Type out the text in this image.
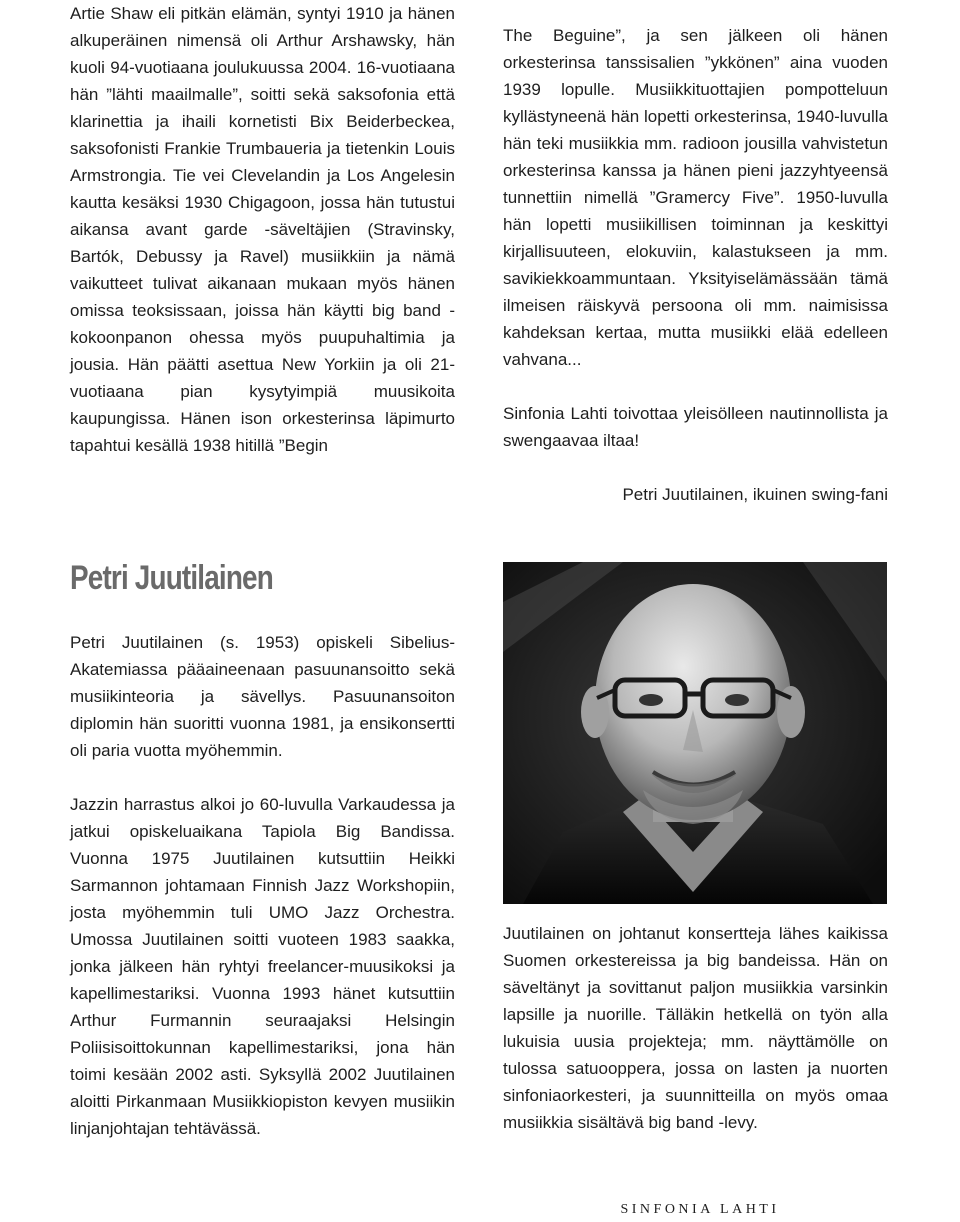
Artie Shaw eli pitkän elämän, syntyi 1910 ja hänen alkuperäinen nimensä oli Arthur Arshawsky, hän kuoli 94-vuotiaana joulukuussa 2004. 16-vuotiaana hän ”lähti maailmalle”, soitti sekä saksofonia että klarinettia ja ihaili kornetisti Bix Beiderbeckea, saksofonisti Frankie Trumbaueria ja tietenkin Louis Armstrongia. Tie vei Clevelandin ja Los Angelesin kautta kesäksi 1930 Chigagoon, jossa hän tutustui aikansa avant garde -säveltäjien (Stravinsky, Bartók, Debussy ja Ravel) musiikkiin ja nämä vaikutteet tulivat aikanaan mukaan myös hänen omissa teoksissaan, joissa hän käytti big band -kokoonpanon ohessa myös puupuhaltimia ja jousia. Hän päätti asettua New Yorkiin ja oli 21-vuotiaana pian kysytyimpiä muusikoita kaupungissa. Hänen ison orkesterinsa läpimurto tapahtui kesällä 1938 hitillä ”Begin

The Beguine”, ja sen jälkeen oli hänen orkesterinsa tanssisalien ”ykkönen” aina vuoden 1939 lopulle. Musiikkituottajien pompotteluun kyllästyneenä hän lopetti orkesterinsa, 1940-luvulla hän teki musiikkia mm. radioon jousilla vahvistetun orkesterinsa kanssa ja hänen pieni jazzyhtyeensä tunnettiin nimellä ”Gramercy Five”. 1950-luvulla hän lopetti musiikillisen toiminnan ja keskittyi kirjallisuuteen, elokuviin, kalastukseen ja mm. savikiekkoammuntaan. Yksityiselämässään tämä ilmeisen räiskyvä persoona oli mm. naimisissa kahdeksan kertaa, mutta musiikki elää edelleen vahvana...

Sinfonia Lahti toivottaa yleisölleen nautinnollista ja swengaavaa iltaa!

Petri Juutilainen, ikuinen swing-fani

Petri Juutilainen

Petri Juutilainen (s. 1953) opiskeli Sibelius-Akatemiassa pääaineenaan pasuunansoitto sekä musiikinteoria ja sävellys. Pasuunansoiton diplomin hän suoritti vuonna 1981, ja ensikonsertti oli paria vuotta myöhemmin.

Jazzin harrastus alkoi jo 60-luvulla Varkaudessa ja jatkui opiskeluaikana Tapiola Big Bandissa. Vuonna 1975 Juutilainen kutsuttiin Heikki Sarmannon johtamaan Finnish Jazz Workshopiin, josta myöhemmin tuli UMO Jazz Orchestra. Umossa Juutilainen soitti vuoteen 1983 saakka, jonka jälkeen hän ryhtyi freelancer-muusikoksi ja kapellimestariksi. Vuonna 1993 hänet kutsuttiin Arthur Furmannin seuraajaksi Helsingin Poliisisoittokunnan kapellimestariksi, jona hän toimi kesään 2002 asti. Syksyllä 2002 Juutilainen aloitti Pirkanmaan Musiikkiopiston kevyen musiikin linjanjohtajan tehtävässä.

Juutilainen on johtanut konsertteja lähes kaikissa Suomen orkestereissa ja big bandeissa. Hän on säveltänyt ja sovittanut paljon musiikkia varsinkin lapsille ja nuorille. Tälläkin hetkellä on työn alla lukuisia uusia projekteja; mm. näyttämölle on tulossa satuooppera, jossa on lasten ja nuorten sinfoniaorkesteri, ja suunnitteilla on myös omaa musiikkia sisältävä big band -levy.

SINFONIA LAHTI
